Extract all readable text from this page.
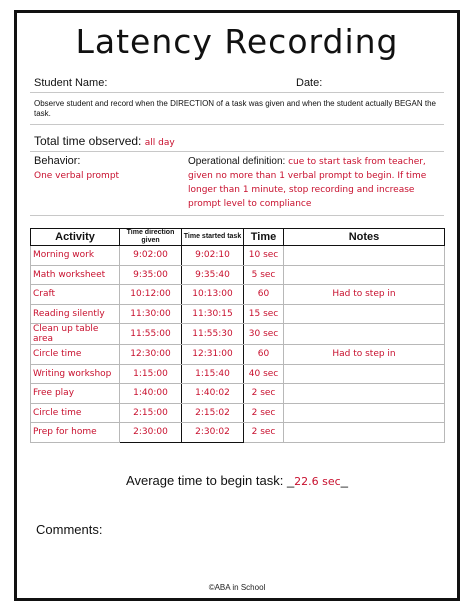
Latency Recording
Student Name:	Date:
Observe student and record when the DIRECTION of a task was given and when the student actually BEGAN the task.
Total time observed: all day
Behavior:
One verbal prompt
Operational definition: cue to start task from teacher, given no more than 1 verbal prompt to begin. If time longer than 1 minute, stop recording and increase prompt level to compliance
Activity	Time direction given	Time started task	Time	Notes
Morning work	9:02:00	9:02:10	10 sec	
Math worksheet	9:35:00	9:35:40	5 sec	
Craft	10:12:00	10:13:00	60	Had to step in
Reading silently	11:30:00	11:30:15	15 sec	
Clean up table area	11:55:00	11:55:30	30 sec	
Circle time	12:30:00	12:31:00	60	Had to step in
Writing workshop	1:15:00	1:15:40	40 sec	
Free play	1:40:00	1:40:02	2 sec	
Circle time	2:15:00	2:15:02	2 sec	
Prep for home	2:30:00	2:30:02	2 sec	
Average time to begin task: _22.6 sec_
Comments:
©ABA in School
